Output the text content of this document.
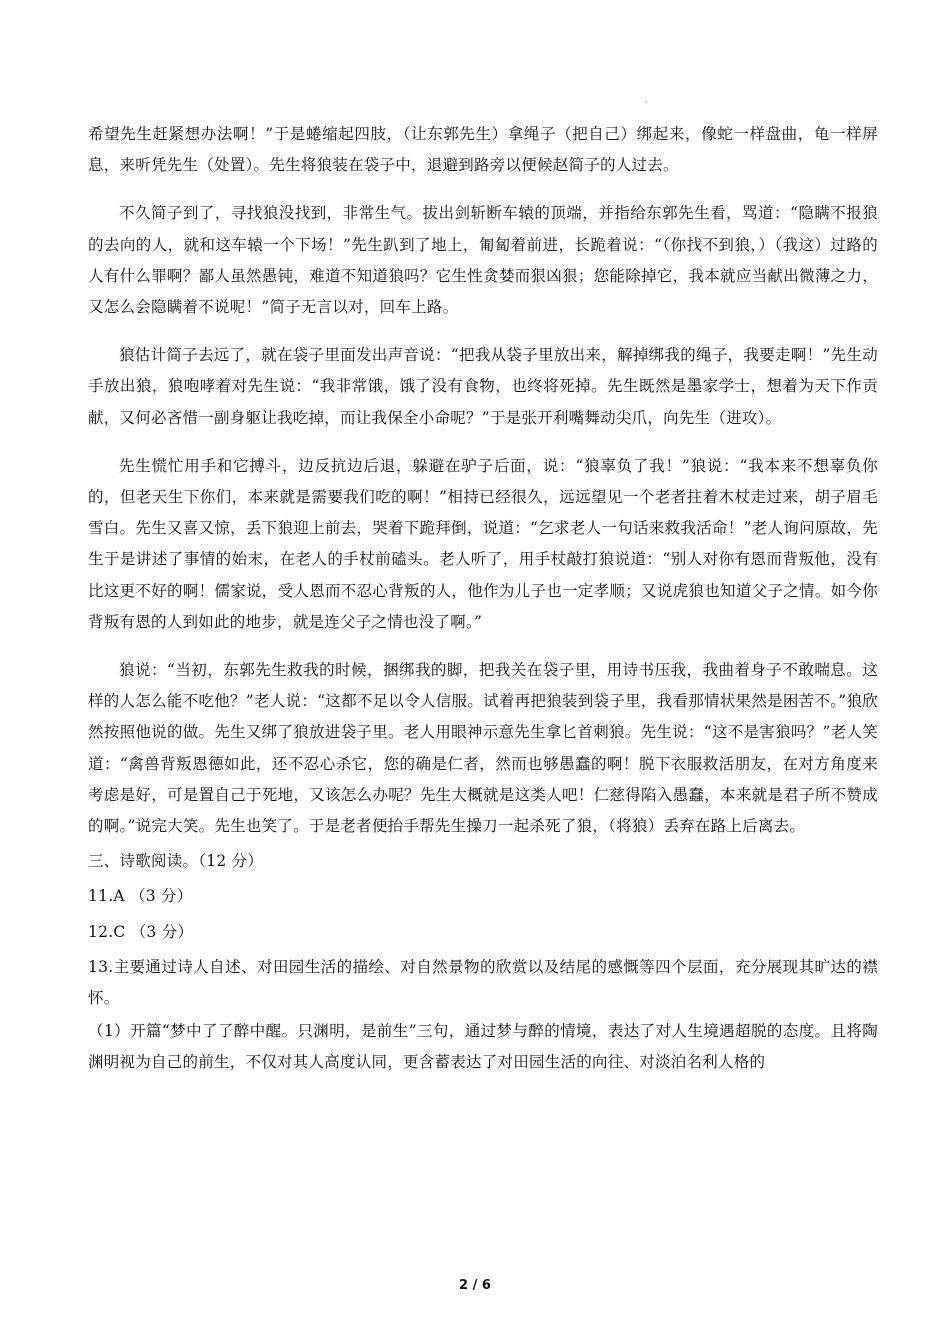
希望先生赶紧想办法啊！”于是蜷缩起四肢，（让东郭先生）拿绳子（把自己）绑起来，像蛇一样盘曲，龟一样屏息，来听凭先生（处置）。先生将狼装在袋子中，退避到路旁以便候赵简子的人过去。

不久简子到了，寻找狼没找到，非常生气。拔出剑斩断车辕的顶端，并指给东郭先生看，骂道：“隐瞒不报狼的去向的人，就和这车辕一个下场！”先生趴到了地上，匍匐着前进，长跪着说：“（你找不到狼，）（我这）过路的人有什么罪啊？鄙人虽然愚钝，难道不知道狼吗？它生性贪婪而狠凶狠；您能除掉它，我本就应当献出微薄之力，又怎么会隐瞒着不说呢！”简子无言以对，回车上路。

狼估计简子去远了，就在袋子里面发出声音说：“把我从袋子里放出来，解掉绑我的绳子，我要走啊！”先生动手放出狼，狼咆哮着对先生说：“我非常饿，饿了没有食物，也终将死掉。先生既然是墨家学士，想着为天下作贡献，又何必吝惜一副身躯让我吃掉，而让我保全小命呢？”于是张开利嘴舞动尖爪，向先生（进攻）。

先生慌忙用手和它搏斗，边反抗边后退，躲避在驴子后面，说：“狼辜负了我！”狼说：“我本来不想辜负你的，但老天生下你们，本来就是需要我们吃的啊！”相持已经很久，远远望见一个老者拄着木杖走过来，胡子眉毛雪白。先生又喜又惊，丢下狼迎上前去，哭着下跪拜倒，说道：“乞求老人一句话来救我活命！”老人询问原故，先生于是讲述了事情的始末，在老人的手杖前磕头。老人听了，用手杖敲打狼说道：“别人对你有恩而背叛他，没有比这更不好的啊！儒家说，受人恩而不忍心背叛的人，他作为儿子也一定孝顺；又说虎狼也知道父子之情。如今你背叛有恩的人到如此的地步，就是连父子之情也没了啊。”

狼说：“当初，东郭先生救我的时候，捆绑我的脚，把我关在袋子里，用诗书压我，我曲着身子不敢喘息。这样的人怎么能不吃他？”老人说：“这都不足以令人信服。试着再把狼装到袋子里，我看那情状果然是困苦不。”狼欣然按照他说的做。先生又绑了狼放进袋子里。老人用眼神示意先生拿匕首刺狼。先生说：“这不是害狼吗？”老人笑道：“禽兽背叛恩德如此，还不忍心杀它，您的确是仁者，然而也够愚蠢的啊！脱下衣服救活朋友，在对方角度来考虑是好，可是置自己于死地，又该怎么办呢？先生大概就是这类人吧！仁慈得陷入愚蠢，本来就是君子所不赞成的啊。”说完大笑。先生也笑了。于是老者便抬手帮先生操刀一起杀死了狼，（将狼）丢弃在路上后离去。

三、诗歌阅读。（12 分）

11.A （3 分）

12.C （3 分）

13.主要通过诗人自述、对田园生活的描绘、对自然景物的欣赏以及结尾的感慨等四个层面，充分展现其旷达的襟怀。

（1）开篇“梦中了了醉中醒。只渊明，是前生”三句，通过梦与醉的情境，表达了对人生境遇超脱的态度。且将陶渊明视为自己的前生，不仅对其人高度认同，更含蓄表达了对田园生活的向往、对淡泊名利人格的

2 / 6
